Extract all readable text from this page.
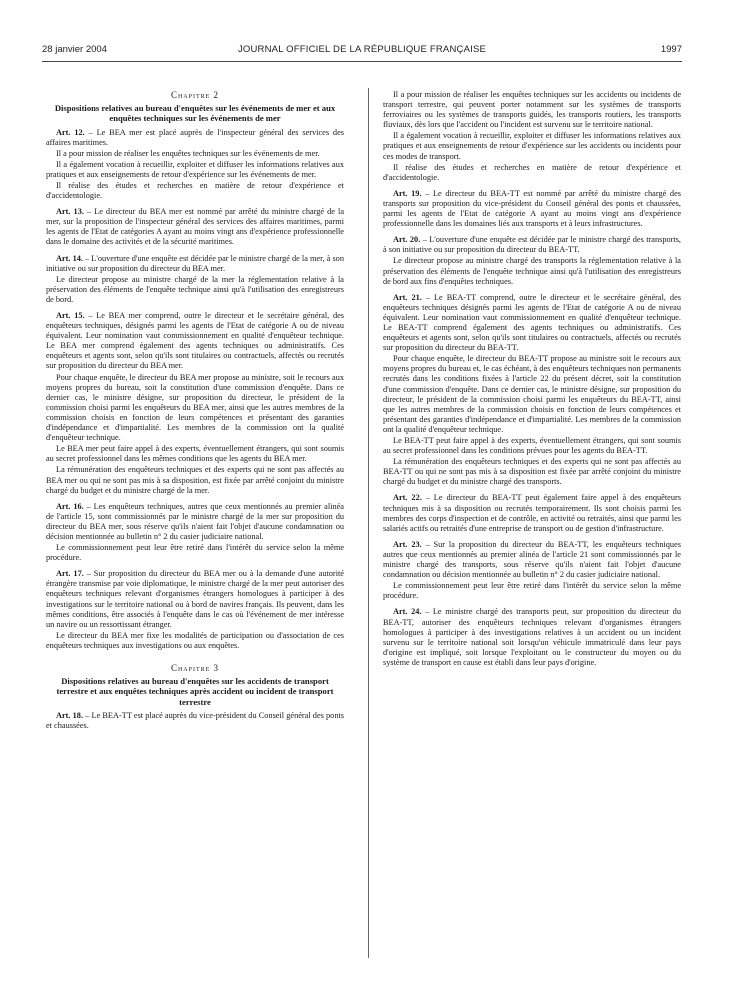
28 janvier 2004	JOURNAL OFFICIEL DE LA RÉPUBLIQUE FRANÇAISE	1997
Chapitre 2
Dispositions relatives au bureau d'enquêtes sur les événements de mer et aux enquêtes techniques sur les événements de mer

Art. 12. – Le BEA mer est placé auprès de l'inspecteur général des services des affaires maritimes.

Il a pour mission de réaliser les enquêtes techniques sur les événements de mer.

Il a également vocation à recueillir, exploiter et diffuser les informations relatives aux pratiques et aux enseignements de retour d'expérience sur les événements de mer.

Il réalise des études et recherches en matière de retour d'expérience et d'accidentologie.

Art. 13. – Le directeur du BEA mer est nommé par arrêté du ministre chargé de la mer, sur la proposition de l'inspecteur général des services des affaires maritimes, parmi les agents de l'Etat de catégories A ayant au moins vingt ans d'expérience professionnelle dans le domaine des activités et de la sécurité maritimes.

Art. 14. – L'ouverture d'une enquête est décidée par le ministre chargé de la mer, à son initiative ou sur proposition du directeur du BEA mer.

Le directeur propose au ministre chargé de la mer la réglementation relative à la préservation des éléments de l'enquête technique ainsi qu'à l'utilisation des enregistreurs de bord.

Art. 15. – Le BEA mer comprend, outre le directeur et le secrétaire général, des enquêteurs techniques, désignés parmi les agents de l'Etat de catégorie A ou de niveau équivalent. Leur nomination vaut commissionnement en qualité d'enquêteur technique. Le BEA mer comprend également des agents techniques ou administratifs. Ces enquêteurs et agents sont, selon qu'ils sont titulaires ou contractuels, affectés ou recrutés sur proposition du directeur du BEA mer.

Pour chaque enquête, le directeur du BEA mer propose au ministre, soit le recours aux moyens propres du bureau, soit la constitution d'une commission d'enquête. Dans ce dernier cas, le ministre désigne, sur proposition du directeur, le président de la commission choisi parmi les enquêteurs du BEA mer, ainsi que les autres membres de la commission choisis en fonction de leurs compétences et présentant des garanties d'indépendance et d'impartialité. Les membres de la commission ont la qualité d'enquêteur technique.

Le BEA mer peut faire appel à des experts, éventuellement étrangers, qui sont soumis au secret professionnel dans les mêmes conditions que les agents du BEA mer.

La rémunération des enquêteurs techniques et des experts qui ne sont pas affectés au BEA mer ou qui ne sont pas mis à sa disposition, est fixée par arrêté conjoint du ministre chargé du budget et du ministre chargé de la mer.

Art. 16. – Les enquêteurs techniques, autres que ceux mentionnés au premier alinéa de l'article 15, sont commissionnés par le ministre chargé de la mer sur proposition du directeur du BEA mer, sous réserve qu'ils n'aient fait l'objet d'aucune condamnation ou décision mentionnée au bulletin n° 2 du casier judiciaire national.

Le commissionnement peut leur être retiré dans l'intérêt du service selon la même procédure.

Art. 17. – Sur proposition du directeur du BEA mer ou à la demande d'une autorité étrangère transmise par voie diplomatique, le ministre chargé de la mer peut autoriser des enquêteurs techniques relevant d'organismes étrangers homologues à participer à des investigations sur le territoire national ou à bord de navires français. Ils peuvent, dans les mêmes conditions, être associés à l'enquête dans le cas où l'événement de mer intéresse un navire ou un ressortissant étranger.

Le directeur du BEA mer fixe les modalités de participation ou d'association de ces enquêteurs techniques aux investigations ou aux enquêtes.

Chapitre 3
Dispositions relatives au bureau d'enquêtes sur les accidents de transport terrestre et aux enquêtes techniques après accident ou incident de transport terrestre

Art. 18. – Le BEA-TT est placé auprès du vice-président du Conseil général des ponts et chaussées.

Il a pour mission de réaliser les enquêtes techniques sur les accidents ou incidents de transport terrestre, qui peuvent porter notamment sur les systèmes de transports ferroviaires ou les systèmes de transports guidés, les transports routiers, les transports fluviaux, dès lors que l'accident ou l'incident est survenu sur le territoire national.

Il a également vocation à recueillir, exploiter et diffuser les informations relatives aux pratiques et aux enseignements de retour d'expérience sur les accidents ou incidents pour ces modes de transport.

Il réalise des études et recherches en matière de retour d'expérience et d'accidentologie.

Art. 19. – Le directeur du BEA-TT est nommé par arrêté du ministre chargé des transports sur proposition du vice-président du Conseil général des ponts et chaussées, parmi les agents de l'Etat de catégorie A ayant au moins vingt ans d'expérience professionnelle dans les domaines liés aux transports et à leurs infrastructures.

Art. 20. – L'ouverture d'une enquête est décidée par le ministre chargé des transports, à son initiative ou sur proposition du directeur du BEA-TT.

Le directeur propose au ministre chargé des transports la réglementation relative à la préservation des éléments de l'enquête technique ainsi qu'à l'utilisation des enregistreurs de bord aux fins d'enquêtes techniques.

Art. 21. – Le BEA-TT comprend, outre le directeur et le secrétaire général, des enquêteurs techniques désignés parmi les agents de l'Etat de catégorie A ou de niveau équivalent. Leur nomination vaut commissionnement en qualité d'enquêteur technique. Le BEA-TT comprend également des agents techniques ou administratifs. Ces enquêteurs et agents sont, selon qu'ils sont titulaires ou contractuels, affectés ou recrutés sur proposition du directeur du BEA-TT.

Pour chaque enquête, le directeur du BEA-TT propose au ministre soit le recours aux moyens propres du bureau et, le cas échéant, à des enquêteurs techniques non permanents recrutés dans les conditions fixées à l'article 22 du présent décret, soit la constitution d'une commission d'enquête. Dans ce dernier cas, le ministre désigne, sur proposition du directeur, le président de la commission choisi parmi les enquêteurs du BEA-TT, ainsi que les autres membres de la commission choisis en fonction de leurs compétences et présentant des garanties d'indépendance et d'impartialité. Les membres de la commission ont la qualité d'enquêteur technique.

Le BEA-TT peut faire appel à des experts, éventuellement étrangers, qui sont soumis au secret professionnel dans les conditions prévues pour les agents du BEA-TT.

La rémunération des enquêteurs techniques et des experts qui ne sont pas affectés au BEA-TT ou qui ne sont pas mis à sa disposition est fixée par arrêté conjoint du ministre chargé du budget et du ministre chargé des transports.

Art. 22. – Le directeur du BEA-TT peut également faire appel à des enquêteurs techniques mis à sa disposition ou recrutés temporairement. Ils sont choisis parmi les membres des corps d'inspection et de contrôle, en activité ou retraités, ainsi que parmi les salariés actifs ou retraités d'une entreprise de transport ou de gestion d'infrastructure.

Art. 23. – Sur la proposition du directeur du BEA-TT, les enquêteurs techniques autres que ceux mentionnés au premier alinéa de l'article 21 sont commissionnés par le ministre chargé des transports, sous réserve qu'ils n'aient fait l'objet d'aucune condamnation ou décision mentionnée au bulletin n° 2 du casier judiciaire national.

Le commissionnement peut leur être retiré dans l'intérêt du service selon la même procédure.

Art. 24. – Le ministre chargé des transports peut, sur proposition du directeur du BEA-TT, autoriser des enquêteurs techniques relevant d'organismes étrangers homologues à participer à des investigations relatives à un accident ou un incident survenu sur le territoire national soit lorsqu'un véhicule immatriculé dans leur pays d'origine est impliqué, soit lorsque l'exploitant ou le constructeur du moyen ou du système de transport en cause est établi dans leur pays d'origine.
